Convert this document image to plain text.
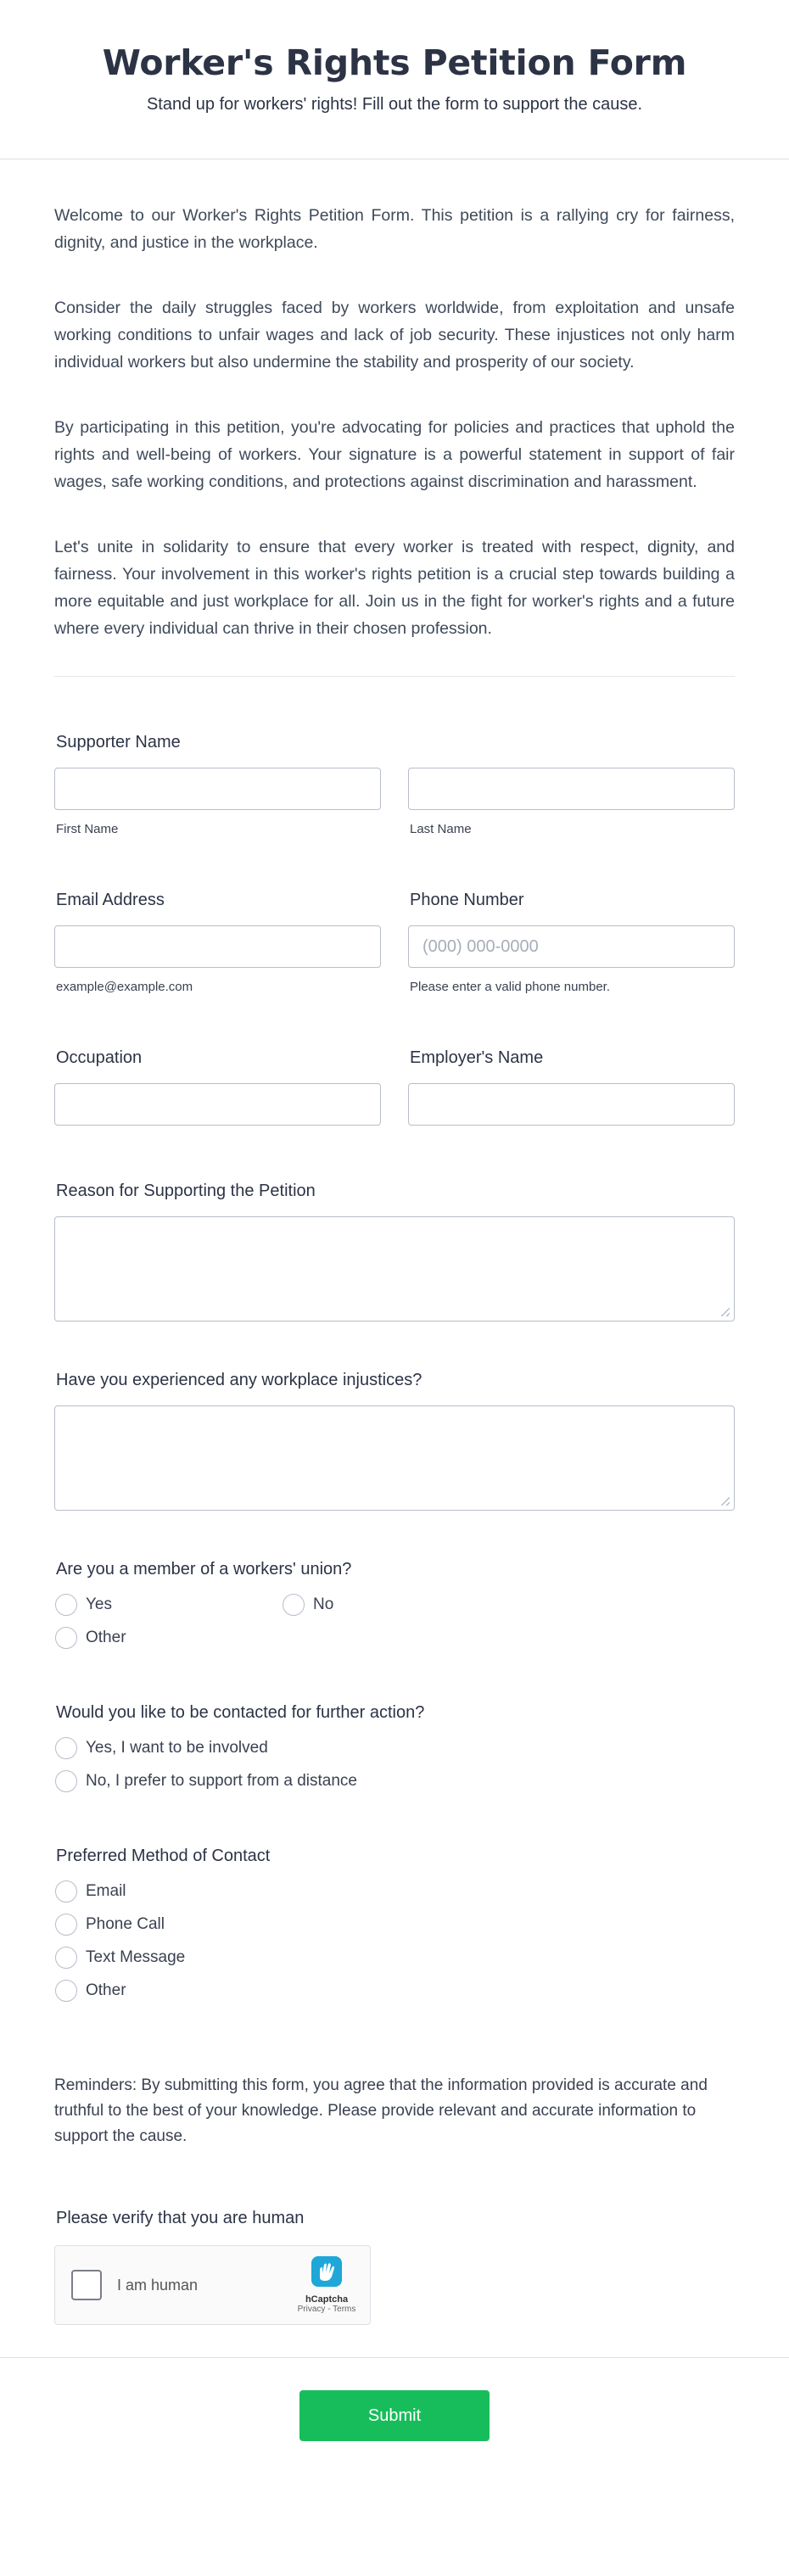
Worker's Rights Petition Form

Stand up for workers' rights! Fill out the form to support the cause.

Welcome to our Worker's Rights Petition Form. This petition is a rallying cry for fairness, dignity, and justice in the workplace.

Consider the daily struggles faced by workers worldwide, from exploitation and unsafe working conditions to unfair wages and lack of job security. These injustices not only harm individual workers but also undermine the stability and prosperity of our society.

By participating in this petition, you're advocating for policies and practices that uphold the rights and well-being of workers. Your signature is a powerful statement in support of fair wages, safe working conditions, and protections against discrimination and harassment.

Let's unite in solidarity to ensure that every worker is treated with respect, dignity, and fairness. Your involvement in this worker's rights petition is a crucial step towards building a more equitable and just workplace for all. Join us in the fight for worker's rights and a future where every individual can thrive in their chosen profession.

Supporter Name
First Name	Last Name
Email Address
example@example.com
Phone Number
(000) 000-0000
Please enter a valid phone number.
Occupation	Employer's Name
Reason for Supporting the Petition
Have you experienced any workplace injustices?
Are you a member of a workers' union?
Yes	No
Other
Would you like to be contacted for further action?
Yes, I want to be involved
No, I prefer to support from a distance
Preferred Method of Contact
Email
Phone Call
Text Message
Other
Reminders: By submitting this form, you agree that the information provided is accurate and truthful to the best of your knowledge. Please provide relevant and accurate information to support the cause.
Please verify that you are human
I am human
hCaptcha
Privacy - Terms
Submit
